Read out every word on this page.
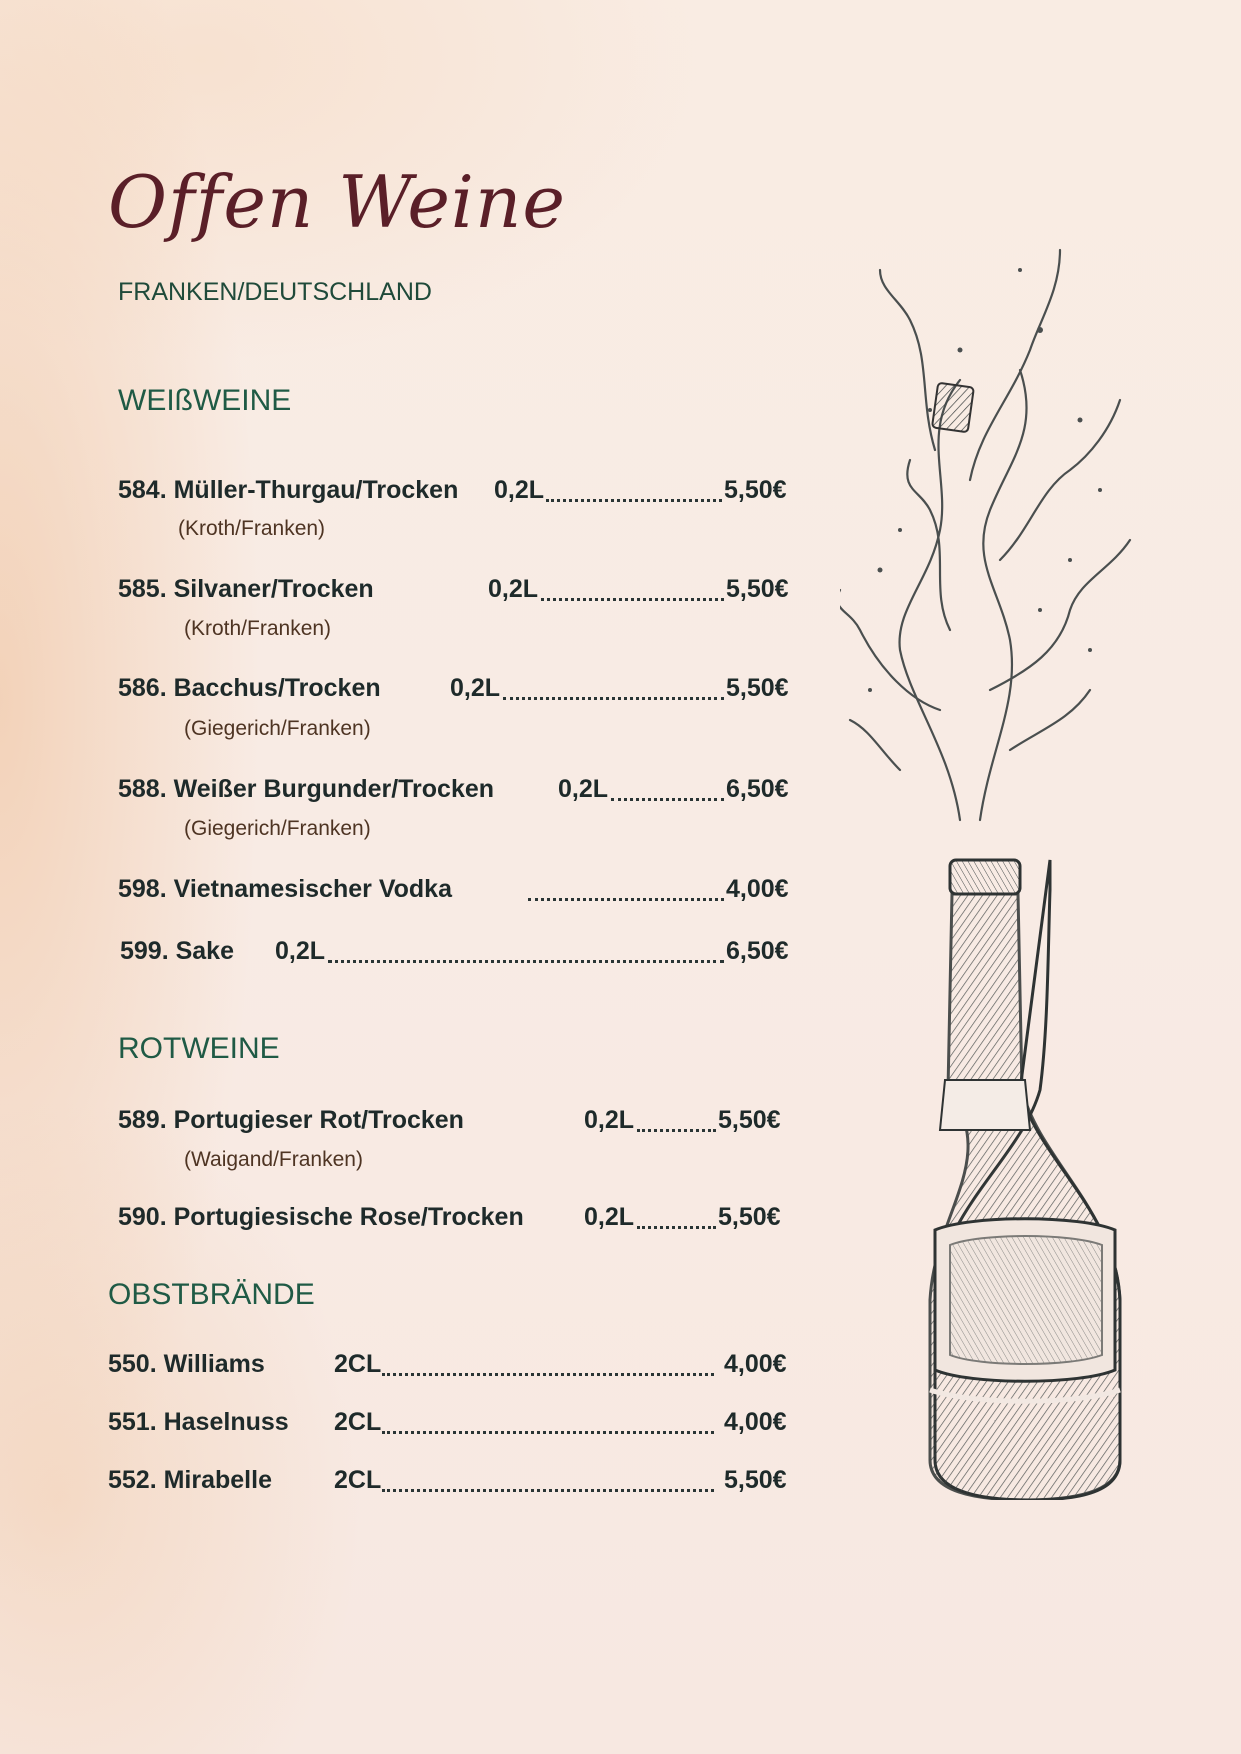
Offen Weine
FRANKEN/DEUTSCHLAND
WEIßWEINE
584. Müller-Thurgau/Trocken 0,2L	5,50€
(Kroth/Franken)
585. Silvaner/Trocken	0,2L	5,50€
(Kroth/Franken)
586. Bacchus/Trocken	0,2L	5,50€
(Giegerich/Franken)
588. Weißer Burgunder/Trocken	0,2L	6,50€
(Giegerich/Franken)
598. Vietnamesischer Vodka	4,00€
599. Sake 0,2L	6,50€
ROTWEINE
589. Portugieser Rot/Trocken	0,2L	5,50€
(Waigand/Franken)
590. Portugiesische Rose/Trocken 0,2L	5,50€
OBSTBRÄNDE
550. Williams	2CL	4,00€
551. Haselnuss 2CL	4,00€
552. Mirabelle 2CL	5,50€
